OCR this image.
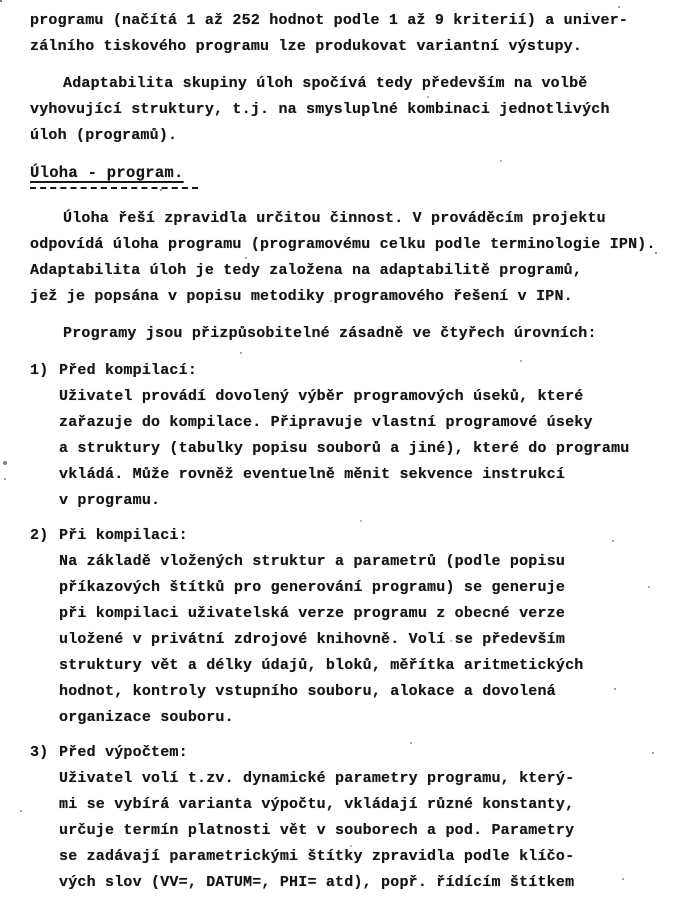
programu (načítá 1 až 252 hodnot podle 1 až 9 kriterií) a univer-
zálního tiskového programu lze produkovat variantní výstupy.
Adaptabilita skupiny úloh spočívá tedy především na volbě
vyhovující struktury, t.j. na smysluplné kombinaci jednotlivých
úloh (programů).
Úloha - program.
Úloha řeší zpravidla určitou činnost. V prováděcím projektu
odpovídá úloha programu (programovému celku podle terminologie IPN).
Adaptabilita úloh je tedy založena na adaptabilitě programů,
jež je popsána v popisu metodiky programového řešení v IPN.
Programy jsou přizpůsobitelné zásadně ve čtyřech úrovních:
1) Před kompilací:
Uživatel provádí dovolený výběr programových úseků, které
zařazuje do kompilace. Připravuje vlastní programové úseky
a struktury (tabulky popisu souborů a jiné), které do programu
vkládá. Může rovněž eventuelně měnit sekvence instrukcí
v programu.
2) Při kompilaci:
Na základě vložených struktur a parametrů (podle popisu
příkazových štítků pro generování programu) se generuje
při kompilaci uživatelská verze programu z obecné verze
uložené v privátní zdrojové knihovně. Volí se především
struktury vět a délky údajů, bloků, měřítka aritmetických
hodnot, kontroly vstupního souboru, alokace a dovolená
organizace souboru.
3) Před výpočtem:
Uživatel volí t.zv. dynamické parametry programu, který-
mi se vybírá varianta výpočtu, vkládají různé konstanty,
určuje termín platnosti vět v souborech a pod. Parametry
se zadávají parametrickými štítky zpravidla podle klíčo-
vých slov (VV=, DATUM=, PHI= atd), popř. řídícím štítkem
